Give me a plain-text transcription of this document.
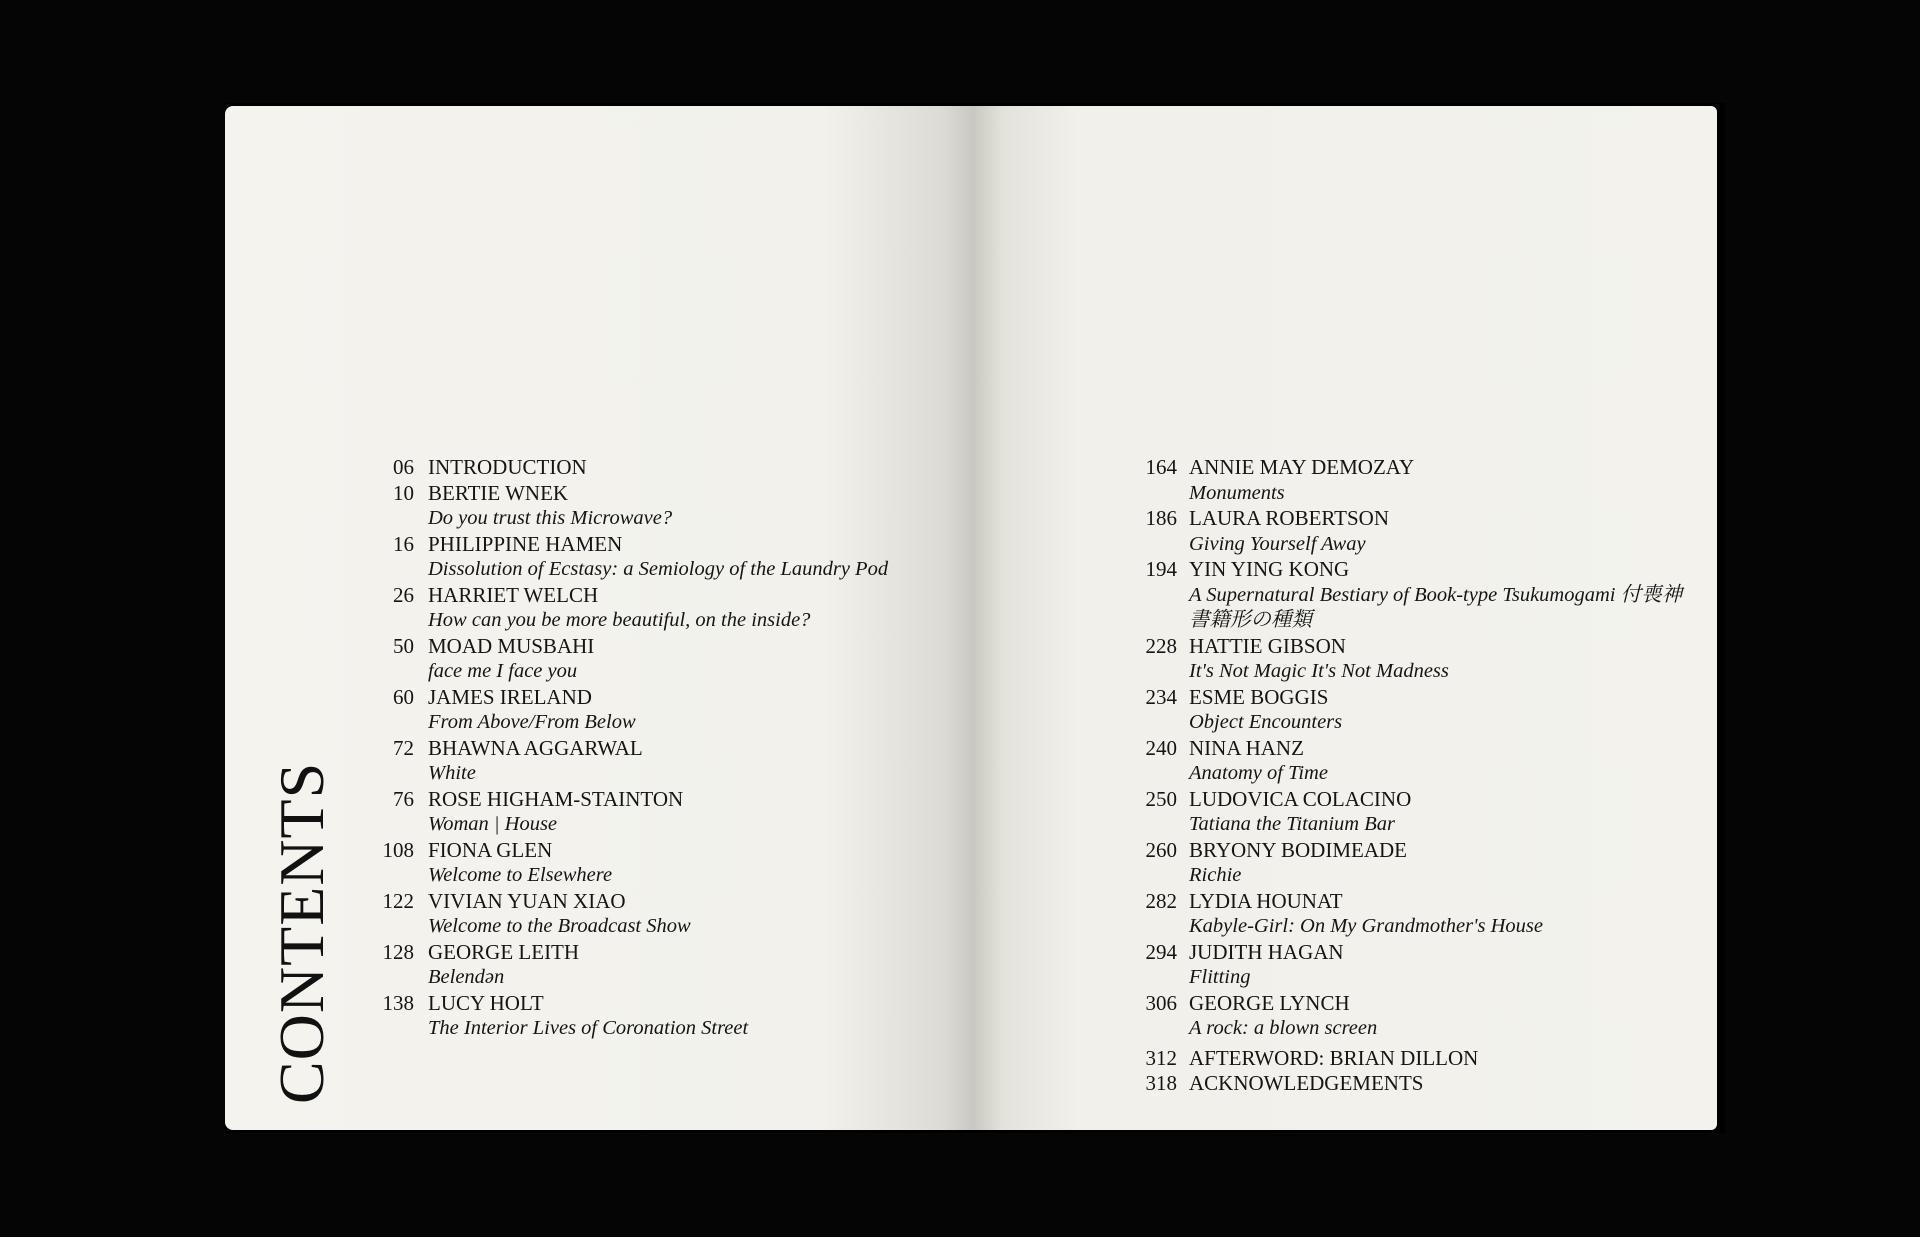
CONTENTS
06 INTRODUCTION
10 BERTIE WNEK
Do you trust this Microwave?
16 PHILIPPINE HAMEN
Dissolution of Ecstasy: a Semiology of the Laundry Pod
26 HARRIET WELCH
How can you be more beautiful, on the inside?
50 MOAD MUSBAHI
face me I face you
60 JAMES IRELAND
From Above/From Below
72 BHAWNA AGGARWAL
White
76 ROSE HIGHAM-STAINTON
Woman | House
108 FIONA GLEN
Welcome to Elsewhere
122 VIVIAN YUAN XIAO
Welcome to the Broadcast Show
128 GEORGE LEITH
Belendən
138 LUCY HOLT
The Interior Lives of Coronation Street
164 ANNIE MAY DEMOZAY
Monuments
186 LAURA ROBERTSON
Giving Yourself Away
194 YIN YING KONG
A Supernatural Bestiary of Book-type Tsukumogami 付喪神書籍形の種類
228 HATTIE GIBSON
It's Not Magic It's Not Madness
234 ESME BOGGIS
Object Encounters
240 NINA HANZ
Anatomy of Time
250 LUDOVICA COLACINO
Tatiana the Titanium Bar
260 BRYONY BODIMEADE
Richie
282 LYDIA HOUNAT
Kabyle-Girl: On My Grandmother's House
294 JUDITH HAGAN
Flitting
306 GEORGE LYNCH
A rock: a blown screen
312 AFTERWORD: BRIAN DILLON
318 ACKNOWLEDGEMENTS
